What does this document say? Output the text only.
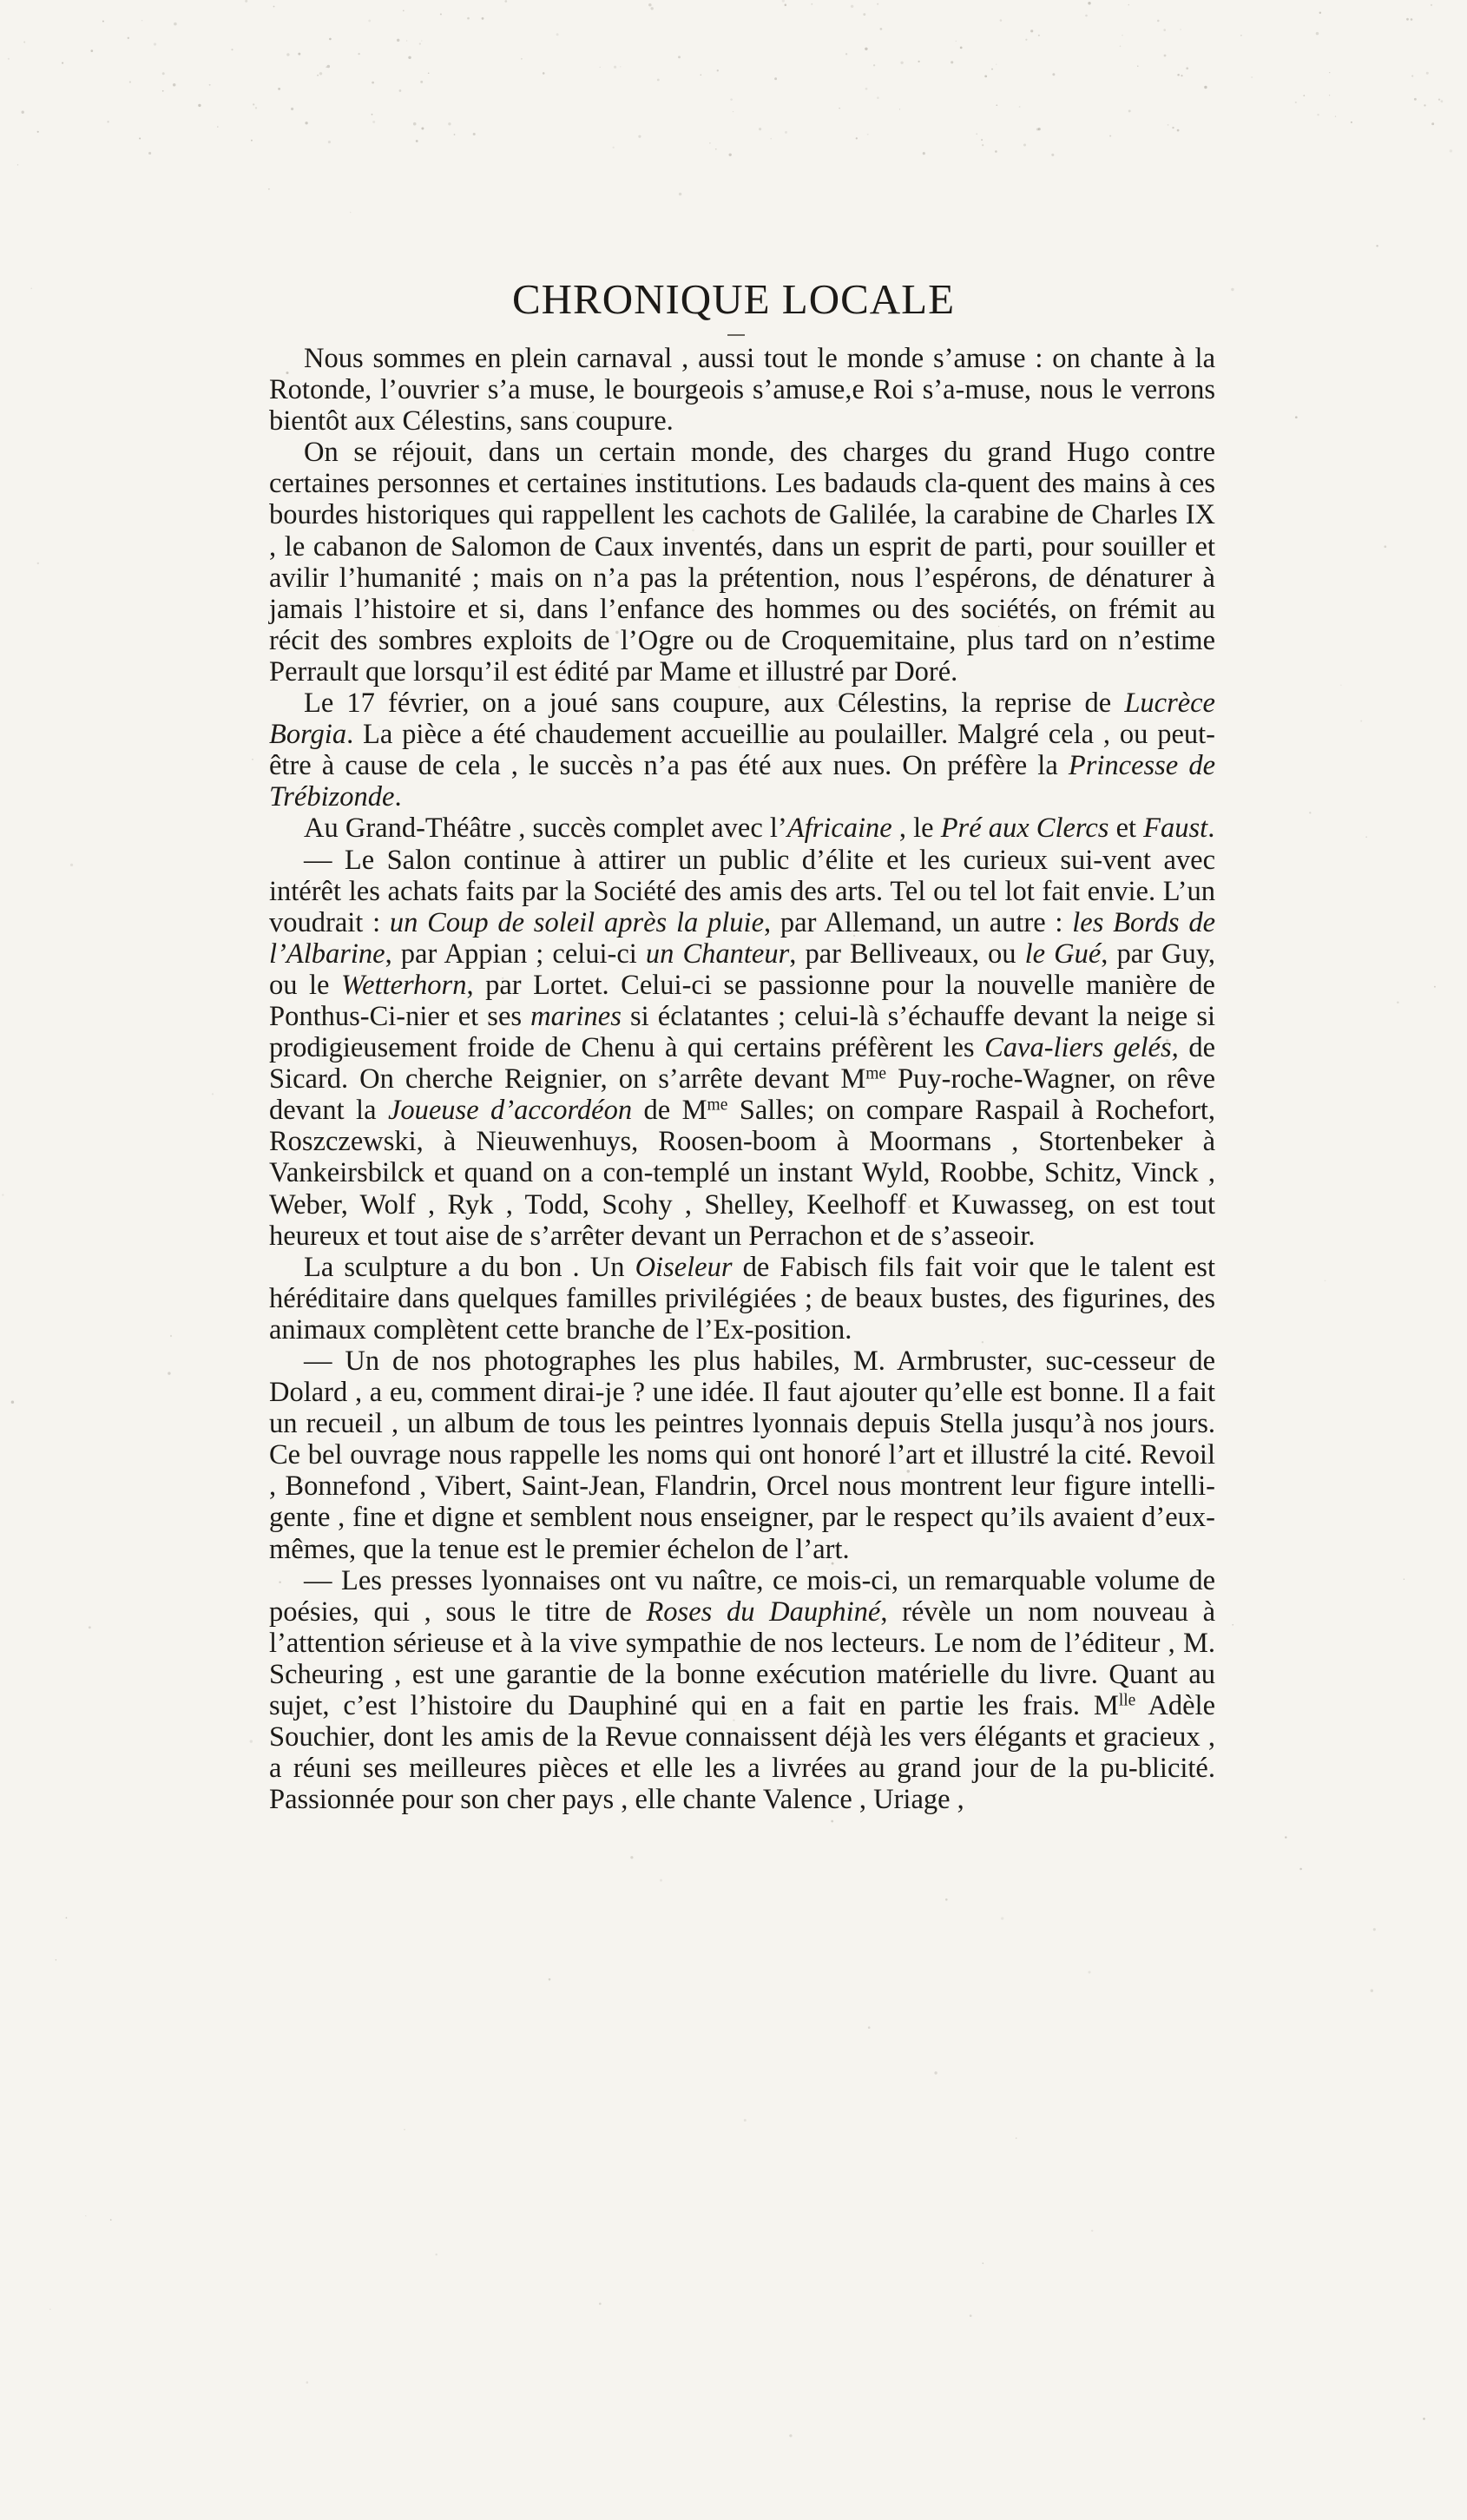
CHRONIQUE LOCALE

Nous sommes en plein carnaval , aussi tout le monde s’amuse : on chante à la Rotonde, l’ouvrier s’a muse, le bourgeois s’amuse,e Roi s’a-muse, nous le verrons bientôt aux Célestins, sans coupure.

On se réjouit, dans un certain monde, des charges du grand Hugo contre certaines personnes et certaines institutions. Les badauds cla-quent des mains à ces bourdes historiques qui rappellent les cachots de Galilée, la carabine de Charles IX , le cabanon de Salomon de Caux inventés, dans un esprit de parti, pour souiller et avilir l’humanité ; mais on n’a pas la prétention, nous l’espérons, de dénaturer à jamais l’histoire et si, dans l’enfance des hommes ou des sociétés, on frémit au récit des sombres exploits de l’Ogre ou de Croquemitaine, plus tard on n’estime Perrault que lorsqu’il est édité par Mame et illustré par Doré.

Le 17 février, on a joué sans coupure, aux Célestins, la reprise de Lucrèce Borgia. La pièce a été chaudement accueillie au poulailler. Malgré cela , ou peut-être à cause de cela , le succès n’a pas été aux nues. On préfère la Princesse de Trébizonde.

Au Grand-Théâtre , succès complet avec l’Africaine , le Pré aux Clercs et Faust.

— Le Salon continue à attirer un public d’élite et les curieux sui-vent avec intérêt les achats faits par la Société des amis des arts. Tel ou tel lot fait envie. L’un voudrait : un Coup de soleil après la pluie, par Allemand, un autre : les Bords de l’Albarine, par Appian ; celui-ci un Chanteur, par Belliveaux, ou le Gué, par Guy, ou le Wetterhorn, par Lortet. Celui-ci se passionne pour la nouvelle manière de Ponthus-Ci-nier et ses marines si éclatantes ; celui-là s’échauffe devant la neige si prodigieusement froide de Chenu à qui certains préfèrent les Cava-liers gelés, de Sicard. On cherche Reignier, on s’arrête devant $M^{me}$ Puy-roche-Wagner, on rêve devant la Joueuse d’accordéon de $M^{me}$ Salles; on compare Raspail à Rochefort, Roszczewski, à Nieuwenhuys, Roosen-boom à Moormans , Stortenbeker à Vankeirsbilck et quand on a con-templé un instant Wyld, Roobbe, Schitz, Vinck , Weber, Wolf , Ryk , Todd, Scohy , Shelley, Keelhoff et Kuwasseg, on est tout heureux et tout aise de s’arrêter devant un Perrachon et de s’asseoir.

La sculpture a du bon . Un Oiseleur de Fabisch fils fait voir que le talent est héréditaire dans quelques familles privilégiées ; de beaux bustes, des figurines, des animaux complètent cette branche de l’Ex-position.

— Un de nos photographes les plus habiles, M. Armbruster, suc-cesseur de Dolard , a eu, comment dirai-je ? une idée. Il faut ajouter qu’elle est bonne. Il a fait un recueil , un album de tous les peintres lyonnais depuis Stella jusqu’à nos jours. Ce bel ouvrage nous rappelle les noms qui ont honoré l’art et illustré la cité. Revoil , Bonnefond , Vibert, Saint-Jean, Flandrin, Orcel nous montrent leur figure intelli-gente , fine et digne et semblent nous enseigner, par le respect qu’ils avaient d’eux-mêmes, que la tenue est le premier échelon de l’art.

— Les presses lyonnaises ont vu naître, ce mois-ci, un remarquable volume de poésies, qui , sous le titre de Roses du Dauphiné, révèle un nom nouveau à l’attention sérieuse et à la vive sympathie de nos lecteurs. Le nom de l’éditeur , M. Scheuring , est une garantie de la bonne exécution matérielle du livre. Quant au sujet, c’est l’histoire du Dauphiné qui en a fait en partie les frais. $M^{lle}$ Adèle Souchier, dont les amis de la Revue connaissent déjà les vers élégants et gracieux , a réuni ses meilleures pièces et elle les a livrées au grand jour de la pu-blicité. Passionnée pour son cher pays , elle chante Valence , Uriage ,
